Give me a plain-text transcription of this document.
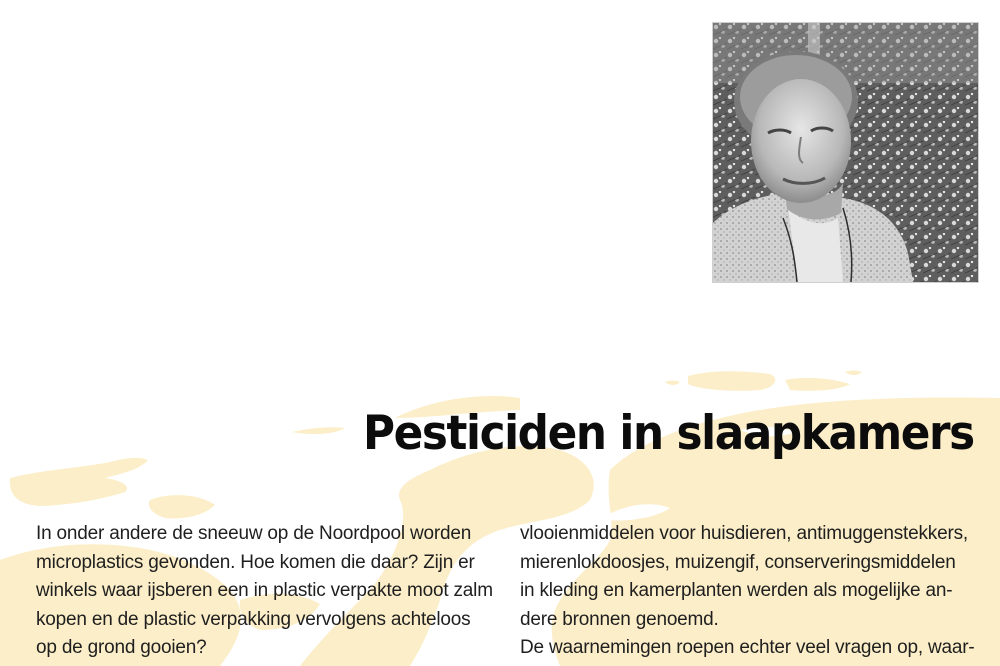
Pesticiden in slaapkamers

In onder andere de sneeuw op de Noordpool worden

microplastics gevonden. Hoe komen die daar? Zijn er

winkels waar ijsberen een in plastic verpakte moot zalm

kopen en de plastic verpakking vervolgens achteloos

op de grond gooien?

vlooienmiddelen voor huisdieren, antimuggenstekkers,

mierenlokdoosjes, muizengif, conserveringsmiddelen

in kleding en kamerplanten werden als mogelijke an-

dere bronnen genoemd.

De waarnemingen roepen echter veel vragen op, waar-
